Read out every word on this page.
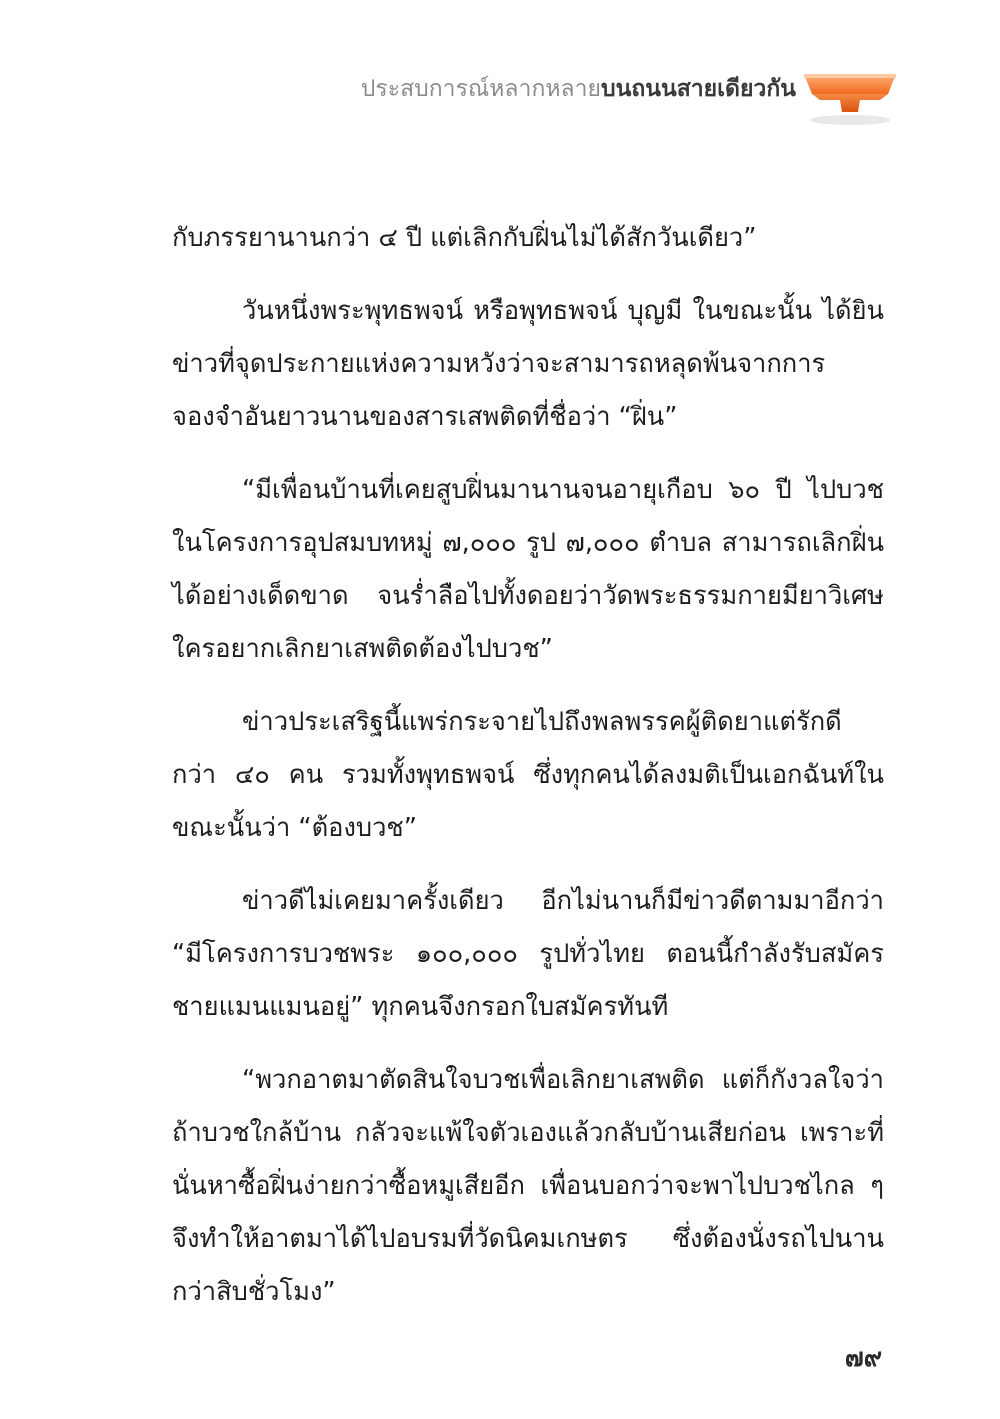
ประสบการณ์หลากหลาย บนถนนสายเดียวกัน

กับภรรยานานกว่า ๔ ปี แต่เลิกกับฝิ่นไม่ได้สักวันเดียว”

วันหนึ่งพระพุทธพจน์ หรือพุทธพจน์ บุญมี ในขณะนั้น ได้ยินข่าวที่จุดประกายแห่งความหวังว่าจะสามารถหลุดพ้นจากการจองจำอันยาวนานของสารเสพติดที่ชื่อว่า “ฝิ่น”

“มีเพื่อนบ้านที่เคยสูบฝิ่นมานานจนอายุเกือบ ๖๐ ปี ไปบวชในโครงการอุปสมบทหมู่ ๗,๐๐๐ รูป ๗,๐๐๐ ตำบล สามารถเลิกฝิ่นได้อย่างเด็ดขาด จนร่ำลือไปทั้งดอยว่าวัดพระธรรมกายมียาวิเศษ ใครอยากเลิกยาเสพติดต้องไปบวช”

ข่าวประเสริฐนี้แพร่กระจายไปถึงพลพรรคผู้ติดยาแต่รักดีกว่า ๔๐ คน รวมทั้งพุทธพจน์ ซึ่งทุกคนได้ลงมติเป็นเอกฉันท์ในขณะนั้นว่า “ต้องบวช”

ข่าวดีไม่เคยมาครั้งเดียว อีกไม่นานก็มีข่าวดีตามมาอีกว่า “มีโครงการบวชพระ ๑๐๐,๐๐๐ รูปทั่วไทย ตอนนี้กำลังรับสมัครชายแมนแมนอยู่” ทุกคนจึงกรอกใบสมัครทันที

“พวกอาตมาตัดสินใจบวชเพื่อเลิกยาเสพติด แต่ก็กังวลใจว่าถ้าบวชใกล้บ้าน กลัวจะแพ้ใจตัวเองแล้วกลับบ้านเสียก่อน เพราะที่นั่นหาซื้อฝิ่นง่ายกว่าซื้อหมูเสียอีก เพื่อนบอกว่าจะพาไปบวชไกล ๆ จึงทำให้อาตมาได้ไปอบรมที่วัดนิคมเกษตร ซึ่งต้องนั่งรถไปนานกว่าสิบชั่วโมง”

๗๙
